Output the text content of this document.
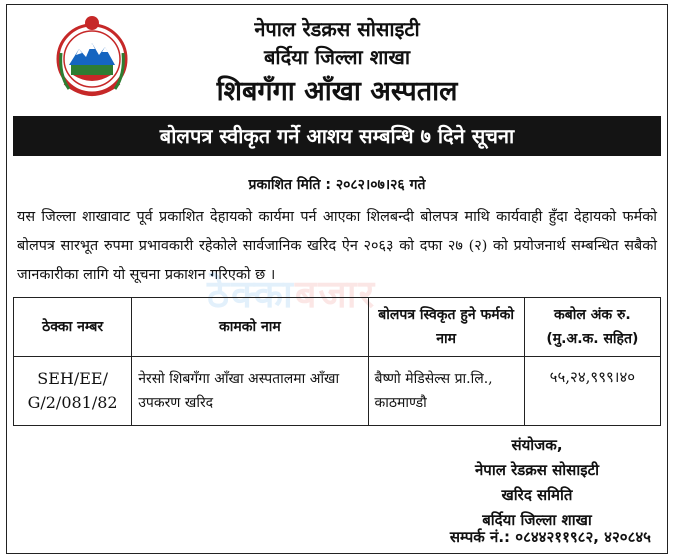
नेपाल रेडक्रस सोसाइटी
बर्दिया जिल्ला शाखा
शिबगँगा आँखा अस्पताल
बोलपत्र स्वीकृत गर्ने आशय सम्बन्धि ७ दिने सूचना
प्रकाशित मिति : २०८२।०७।२६ गते
यस जिल्ला शाखावाट पूर्व प्रकाशित देहायको कार्यमा पर्न आएका शिलबन्दी बोलपत्र माथि कार्यवाही हुँदा देहायको फर्मको बोलपत्र सारभूत रुपमा प्रभावकारी रहेकोले सार्वजानिक खरिद ऐन २०६३ को दफा २७ (२) को प्रयोजनार्थ सम्बन्धित सबैको जानकारीका लागि यो सूचना प्रकाशन गरिएको छ ।
ठेक्काबजार
ठेक्का नम्बर	कामको नाम	बोलपत्र स्विकृत हुने फर्मको नाम	कबोल अंक रु. (मु.अ.क. सहित)
SEH/EE/ G/2/081/82	नेरसो शिबगँगा आँखा अस्पतालमा आँखा उपकरण खरिद	बैष्णो मेडिसेल्स प्रा.लि., काठमाण्डौ	५५,२४,९९९।४०
संयोजक,
नेपाल रेडक्रस सोसाइटी
खरिद समिति
बर्दिया जिल्ला शाखा
सम्पर्क नं.: ०८४४२११९८२, ४२०८४५
